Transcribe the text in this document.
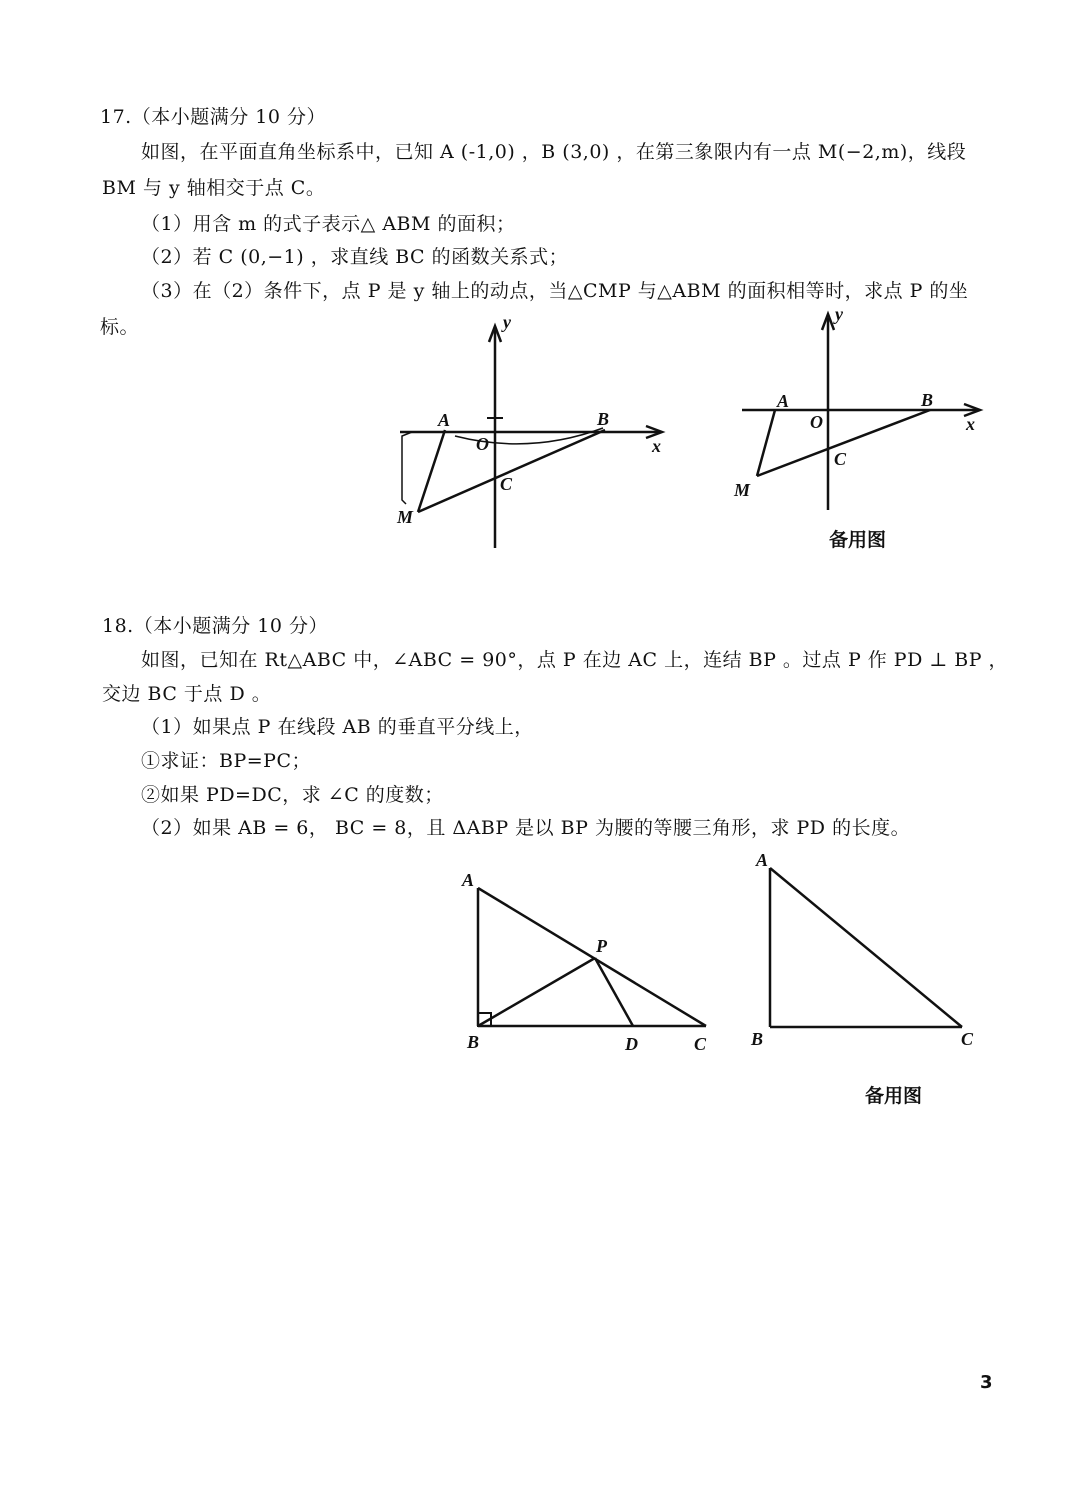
17.（本小题满分 10 分）
如图，在平面直角坐标系中，已知 A (-1,0) ，B (3,0) ，在第三象限内有一点 M(−2,m)，线段
BM 与 y 轴相交于点 C。
（1）用含 m 的式子表示△ ABM 的面积；
（2）若 C (0,−1) ，求直线 BC 的函数关系式；
（3）在（2）条件下，点 P 是 y 轴上的动点，当△CMP 与△ABM 的面积相等时，求点 P 的坐
标。	y
x
A
O
B
C
M
y
x
A
O
B
C
M
备用图
18.（本小题满分 10 分）
如图，已知在 Rt△ABC 中，∠ABC = 90°，点 P 在边 AC 上，连结 BP 。过点 P 作 PD ⊥ BP ，
交边 BC 于点 D 。
（1）如果点 P 在线段 AB 的垂直平分线上，
①求证：BP=PC；
②如果 PD=DC，求 ∠C 的度数；
（2）如果 AB = 6， BC = 8，且 ΔABP 是以 BP 为腰的等腰三角形，求 PD 的长度。
A
P
B	D	C
A
B	C
备用图
3
